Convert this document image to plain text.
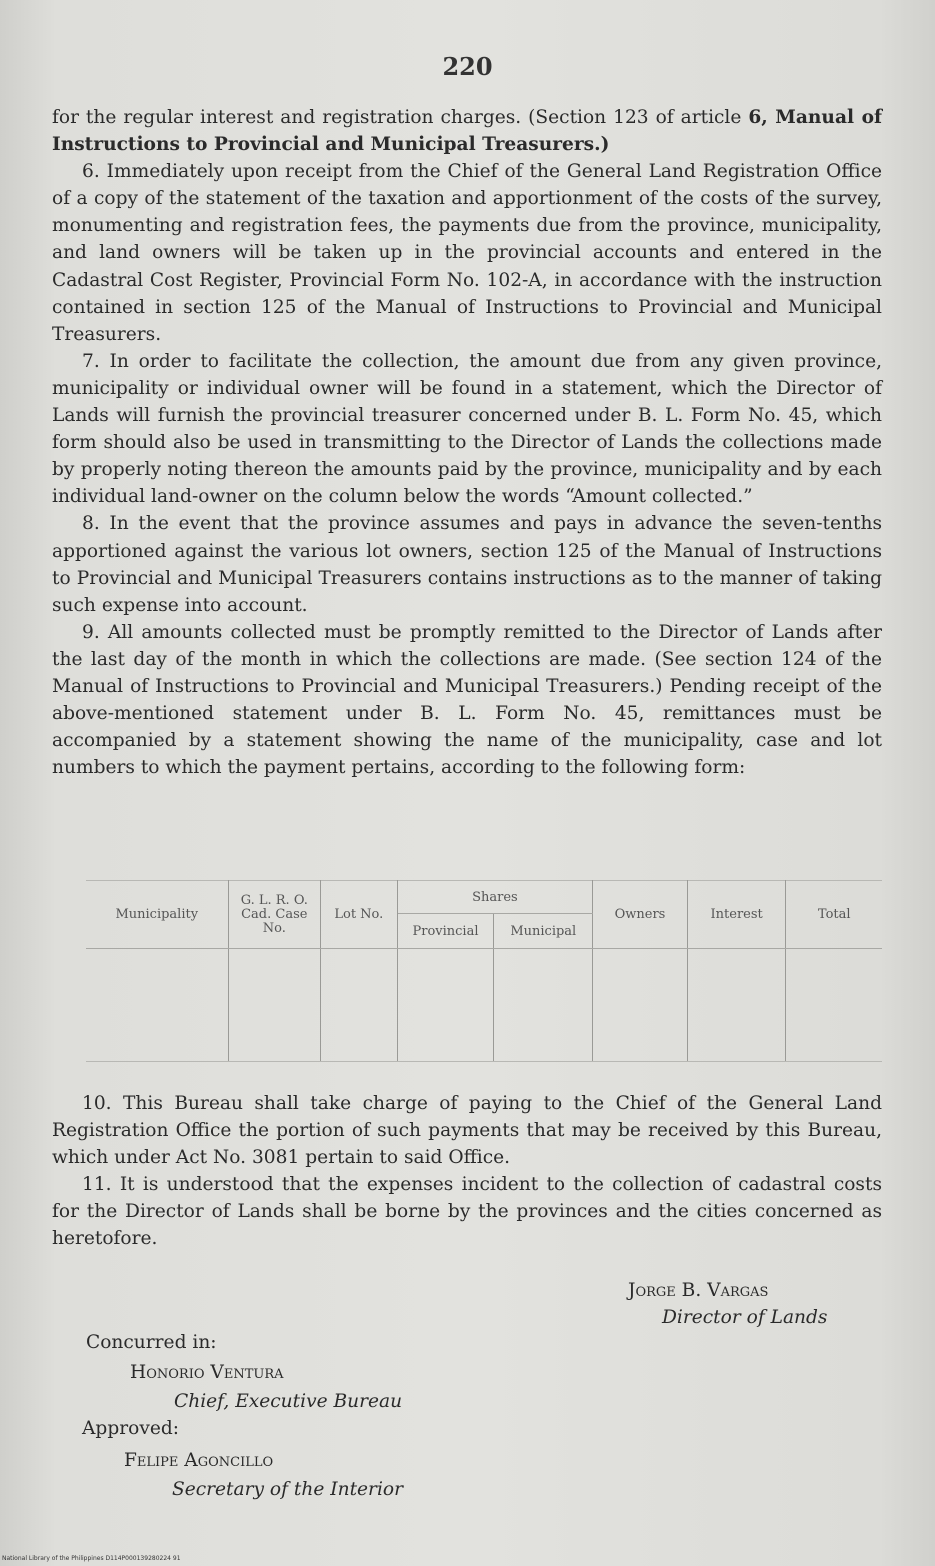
220

for the regular interest and registration charges. (Section 123 of article 6, Manual of Instructions to Provincial and Municipal Treasurers.)

6. Immediately upon receipt from the Chief of the General Land Registration Office of a copy of the statement of the taxation and apportionment of the costs of the survey, monumenting and registration fees, the payments due from the province, municipality, and land owners will be taken up in the provincial accounts and entered in the Cadastral Cost Register, Provincial Form No. 102-A, in accordance with the instruction contained in section 125 of the Manual of Instructions to Provincial and Municipal Treasurers.

7. In order to facilitate the collection, the amount due from any given province, municipality or individual owner will be found in a statement, which the Director of Lands will furnish the provincial treasurer concerned under B. L. Form No. 45, which form should also be used in transmitting to the Director of Lands the collections made by properly noting thereon the amounts paid by the province, municipality and by each individual land-owner on the column below the words “Amount collected.”

8. In the event that the province assumes and pays in advance the seven-tenths apportioned against the various lot owners, section 125 of the Manual of Instructions to Provincial and Municipal Treasurers contains instructions as to the manner of taking such expense into account.

9. All amounts collected must be promptly remitted to the Director of Lands after the last day of the month in which the collections are made. (See section 124 of the Manual of Instructions to Provincial and Municipal Treasurers.) Pending receipt of the above-mentioned statement under B. L. Form No. 45, remittances must be accompanied by a statement showing the name of the municipality, case and lot numbers to which the payment pertains, according to the following form:

Municipality	G. L. R. O.
Cad. Case
No.	Lot No.	Shares		Owners	Interest	Total
			Provincial	Municipal			

10. This Bureau shall take charge of paying to the Chief of the General Land Registration Office the portion of such payments that may be received by this Bureau, which under Act No. 3081 pertain to said Office.

11. It is understood that the expenses incident to the collection of cadastral costs for the Director of Lands shall be borne by the provinces and the cities concerned as heretofore.

Jorge B. Vargas
Director of Lands
Concurred in:
Honorio Ventura
Chief, Executive Bureau
Approved:
Felipe Agoncillo
Secretary of the Interior
National Library of the Philippines D114P000139280224 91
